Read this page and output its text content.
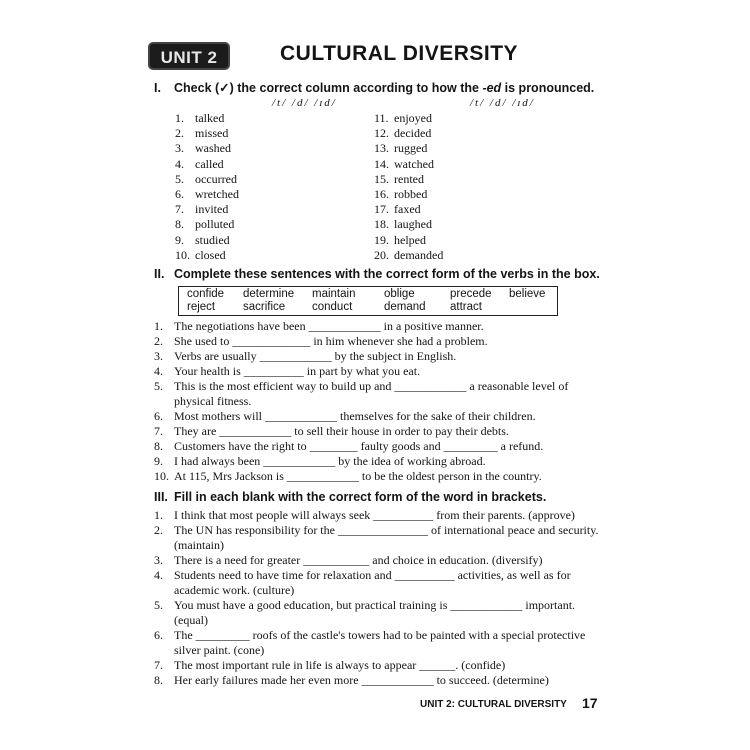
UNIT 2	CULTURAL DIVERSITY
I. Check (✓) the correct column according to how the -ed is pronounced.
/t/ /d/ /ɪd/	/t/ /d/ /ɪd/
1. talked
2. missed
3. washed
4. called
5. occurred
6. wretched
7. invited
8. polluted
9. studied
10. closed
11. enjoyed
12. decided
13. rugged
14. watched
15. rented
16. robbed
17. faxed
18. laughed
19. helped
20. demanded
II. Complete these sentences with the correct form of the verbs in the box.
confide determine maintain oblige	precede believe
reject sacrifice conduct	demand attract
1. The negotiations have been ____________ in a positive manner.
2. She used to _____________ in him whenever she had a problem.
3. Verbs are usually ____________ by the subject in English.
4. Your health is __________ in part by what you eat.
5. This is the most efficient way to build up and ____________ a reasonable level of physical fitness.
6. Most mothers will ____________ themselves for the sake of their children.
7. They are ____________ to sell their house in order to pay their debts.
8. Customers have the right to ________ faulty goods and _________ a refund.
9. I had always been ____________ by the idea of working abroad.
10. At 115, Mrs Jackson is ____________ to be the oldest person in the country.
III. Fill in each blank with the correct form of the word in brackets.
1. I think that most people will always seek __________ from their parents. (approve)
2. The UN has responsibility for the _______________ of international peace and security. (maintain)
3. There is a need for greater ___________ and choice in education. (diversify)
4. Students need to have time for relaxation and __________ activities, as well as for academic work. (culture)
5. You must have a good education, but practical training is ____________ important. (equal)
6. The _________ roofs of the castle's towers had to be painted with a special protective silver paint. (cone)
7. The most important rule in life is always to appear ______. (confide)
8. Her early failures made her even more ____________ to succeed. (determine)
UNIT 2: CULTURAL DIVERSITY 17
